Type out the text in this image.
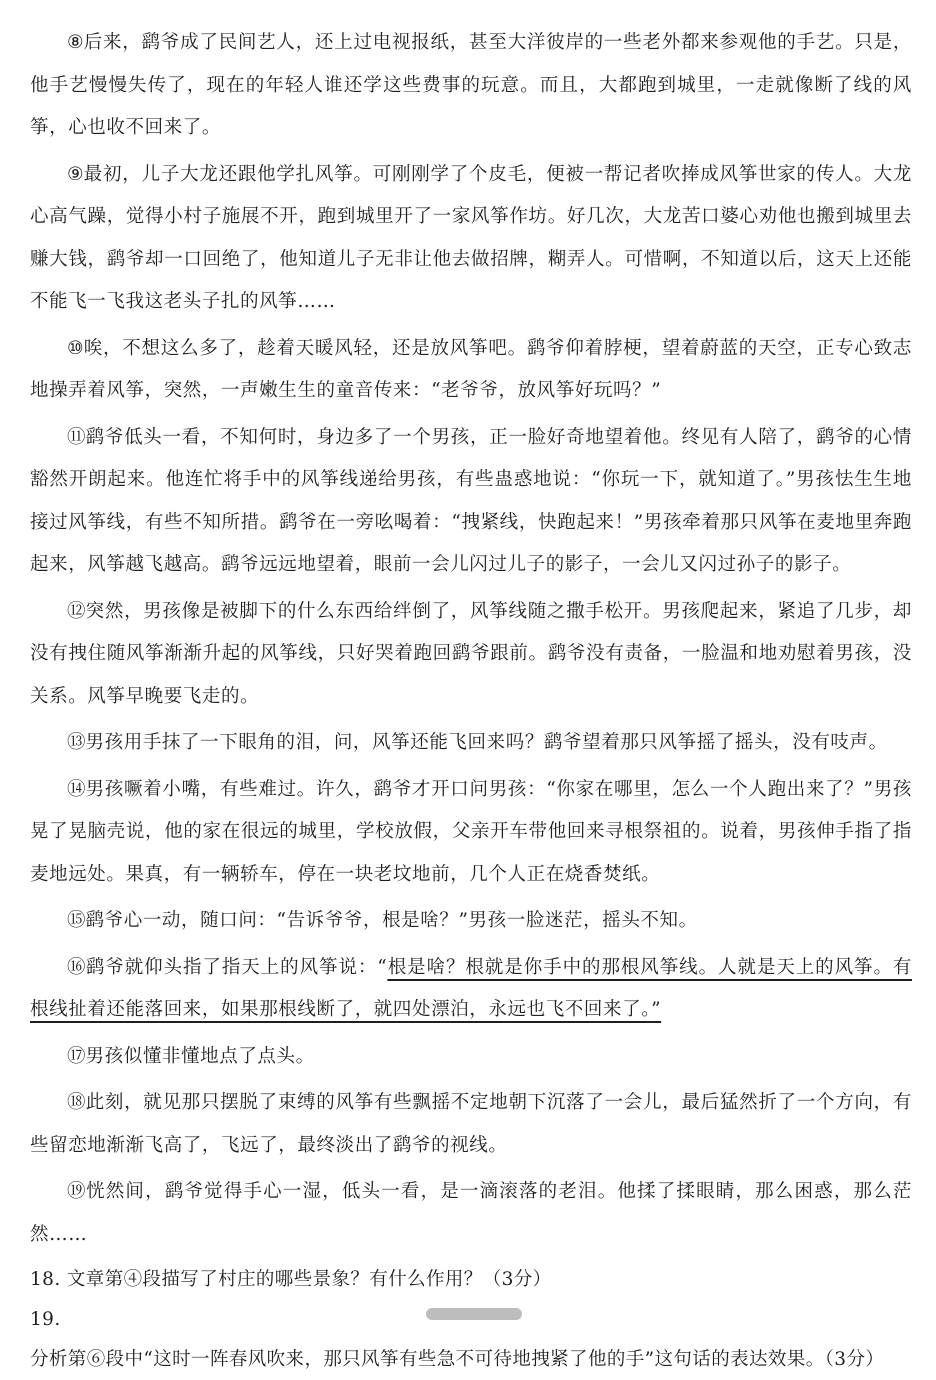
⑧后来，鹞爷成了民间艺人，还上过电视报纸，甚至大洋彼岸的一些老外都来参观他的手艺。只是，他手艺慢慢失传了，现在的年轻人谁还学这些费事的玩意。而且，大都跑到城里，一走就像断了线的风筝，心也收不回来了。

⑨最初，儿子大龙还跟他学扎风筝。可刚刚学了个皮毛，便被一帮记者吹捧成风筝世家的传人。大龙心高气躁，觉得小村子施展不开，跑到城里开了一家风筝作坊。好几次，大龙苦口婆心劝他也搬到城里去赚大钱，鹞爷却一口回绝了，他知道儿子无非让他去做招牌，糊弄人。可惜啊，不知道以后，这天上还能不能飞一飞我这老头子扎的风筝……

⑩唉，不想这么多了，趁着天暖风轻，还是放风筝吧。鹞爷仰着脖梗，望着蔚蓝的天空，正专心致志地操弄着风筝，突然，一声嫩生生的童音传来：“老爷爷，放风筝好玩吗？”

⑪鹞爷低头一看，不知何时，身边多了一个男孩，正一脸好奇地望着他。终见有人陪了，鹞爷的心情豁然开朗起来。他连忙将手中的风筝线递给男孩，有些蛊惑地说：“你玩一下，就知道了。”男孩怯生生地接过风筝线，有些不知所措。鹞爷在一旁吆喝着：“拽紧线，快跑起来！”男孩牵着那只风筝在麦地里奔跑起来，风筝越飞越高。鹞爷远远地望着，眼前一会儿闪过儿子的影子，一会儿又闪过孙子的影子。

⑫突然，男孩像是被脚下的什么东西给绊倒了，风筝线随之撒手松开。男孩爬起来，紧追了几步，却没有拽住随风筝渐渐升起的风筝线，只好哭着跑回鹞爷跟前。鹞爷没有责备，一脸温和地劝慰着男孩，没关系。风筝早晚要飞走的。

⑬男孩用手抹了一下眼角的泪，问，风筝还能飞回来吗？鹞爷望着那只风筝摇了摇头，没有吱声。

⑭男孩噘着小嘴，有些难过。许久，鹞爷才开口问男孩：“你家在哪里，怎么一个人跑出来了？”男孩晃了晃脑壳说，他的家在很远的城里，学校放假，父亲开车带他回来寻根祭祖的。说着，男孩伸手指了指麦地远处。果真，有一辆轿车，停在一块老坟地前，几个人正在烧香焚纸。

⑮鹞爷心一动，随口问：“告诉爷爷，根是啥？”男孩一脸迷茫，摇头不知。

⑯鹞爷就仰头指了指天上的风筝说：“根是啥？根就是你手中的那根风筝线。人就是天上的风筝。有根线扯着还能落回来，如果那根线断了，就四处漂泊，永远也飞不回来了。”

⑰男孩似懂非懂地点了点头。

⑱此刻，就见那只摆脱了束缚的风筝有些飘摇不定地朝下沉落了一会儿，最后猛然折了一个方向，有些留恋地渐渐飞高了，飞远了，最终淡出了鹞爷的视线。

⑲恍然间，鹞爷觉得手心一湿，低头一看，是一滴滚落的老泪。他揉了揉眼睛，那么困惑，那么茫然……

18. 文章第④段描写了村庄的哪些景象？有什么作用？（3分）

19. 分析第⑥段中“这时一阵春风吹来，那只风筝有些急不可待地拽紧了他的手”这句话的表达效果。（3分）
